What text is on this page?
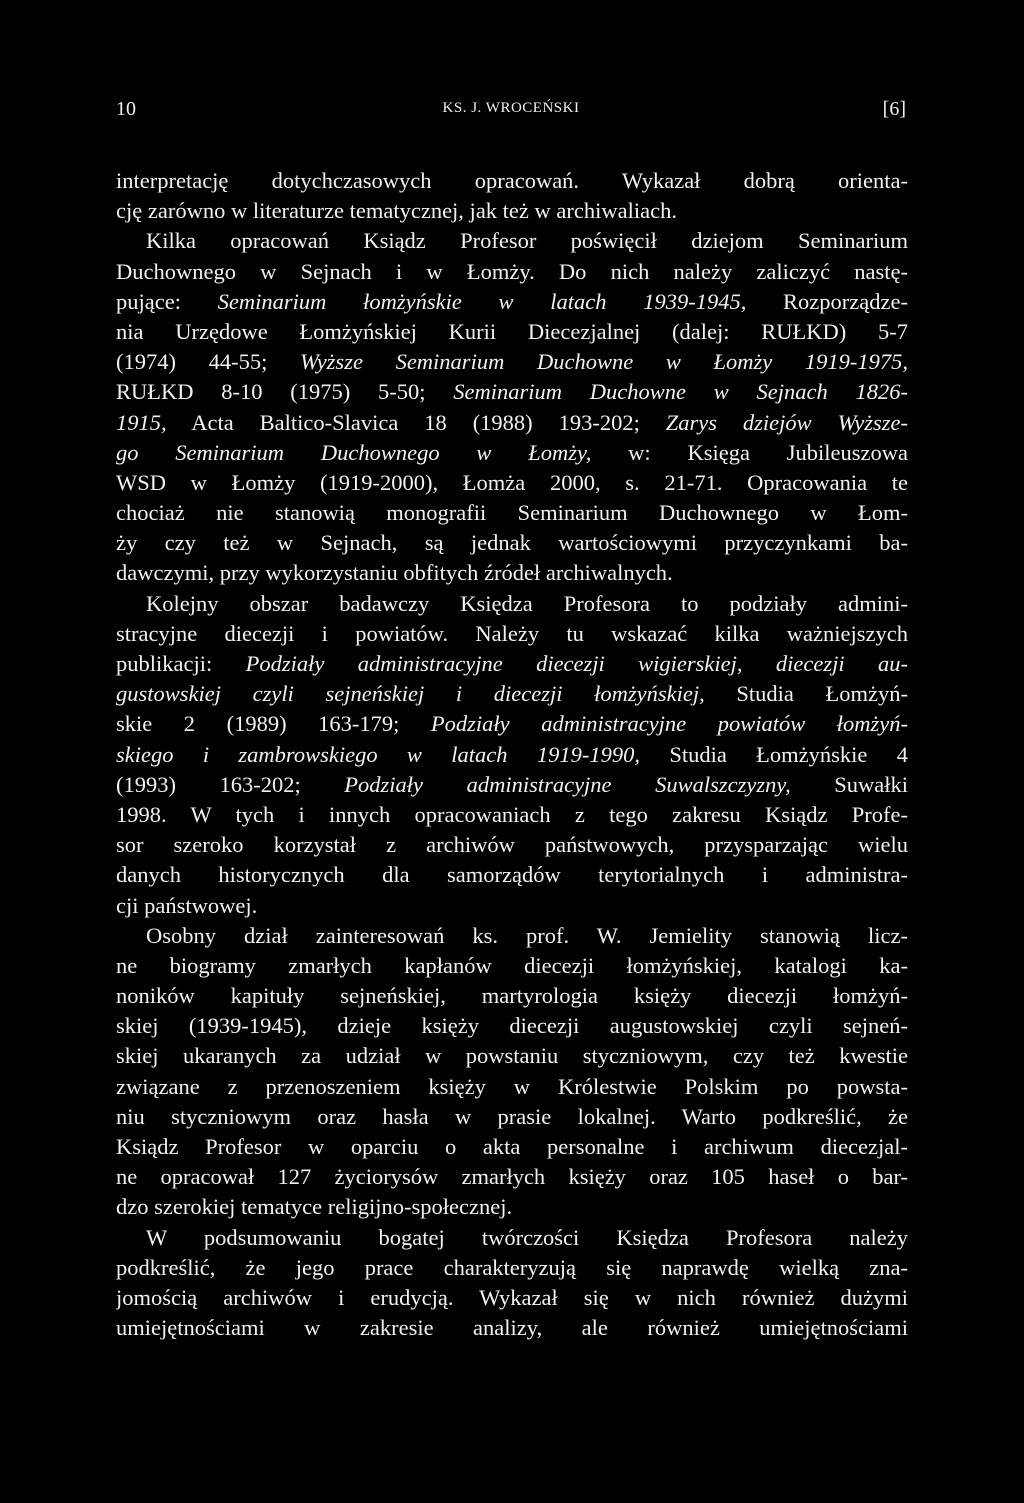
10	KS. J. WROCEŃSKI	[6]
interpretację dotychczasowych opracowań. Wykazał dobrą orienta-
cję zarówno w literaturze tematycznej, jak też w archiwaliach.
Kilka opracowań Ksiądz Profesor poświęcił dziejom Seminarium
Duchownego w Sejnach i w Łomży. Do nich należy zaliczyć nastę-
pujące: Seminarium łomżyńskie w latach 1939-1945, Rozporządze-
nia Urzędowe Łomżyńskiej Kurii Diecezjalnej (dalej: RUŁKD) 5-7
(1974) 44-55; Wyższe Seminarium Duchowne w Łomży 1919-1975,
RUŁKD 8-10 (1975) 5-50; Seminarium Duchowne w Sejnach 1826-
1915, Acta Baltico-Slavica 18 (1988) 193-202; Zarys dziejów Wyższe-
go Seminarium Duchownego w Łomży, w: Księga Jubileuszowa
WSD w Łomży (1919-2000), Łomża 2000, s. 21-71. Opracowania te
chociaż nie stanowią monografii Seminarium Duchownego w Łom-
ży czy też w Sejnach, są jednak wartościowymi przyczynkami ba-
dawczymi, przy wykorzystaniu obfitych źródeł archiwalnych.
Kolejny obszar badawczy Księdza Profesora to podziały admini-
stracyjne diecezji i powiatów. Należy tu wskazać kilka ważniejszych
publikacji: Podziały administracyjne diecezji wigierskiej, diecezji au-
gustowskiej czyli sejneńskiej i diecezji łomżyńskiej, Studia Łomżyń-
skie 2 (1989) 163-179; Podziały administracyjne powiatów łomżyń-
skiego i zambrowskiego w latach 1919-1990, Studia Łomżyńskie 4
(1993) 163-202; Podziały administracyjne Suwalszczyzny, Suwałki
1998. W tych i innych opracowaniach z tego zakresu Ksiądz Profe-
sor szeroko korzystał z archiwów państwowych, przysparzając wielu
danych historycznych dla samorządów terytorialnych i administra-
cji państwowej.
Osobny dział zainteresowań ks. prof. W. Jemielity stanowią licz-
ne biogramy zmarłych kapłanów diecezji łomżyńskiej, katalogi ka-
noników kapituły sejneńskiej, martyrologia księży diecezji łomżyń-
skiej (1939-1945), dzieje księży diecezji augustowskiej czyli sejneń-
skiej ukaranych za udział w powstaniu styczniowym, czy też kwestie
związane z przenoszeniem księży w Królestwie Polskim po powsta-
niu styczniowym oraz hasła w prasie lokalnej. Warto podkreślić, że
Ksiądz Profesor w oparciu o akta personalne i archiwum diecezjal-
ne opracował 127 życiorysów zmarłych księży oraz 105 haseł o bar-
dzo szerokiej tematyce religijno-społecznej.
W podsumowaniu bogatej twórczości Księdza Profesora należy
podkreślić, że jego prace charakteryzują się naprawdę wielką zna-
jomością archiwów i erudycją. Wykazał się w nich również dużymi
umiejętnościami w zakresie analizy, ale również umiejętnościami
